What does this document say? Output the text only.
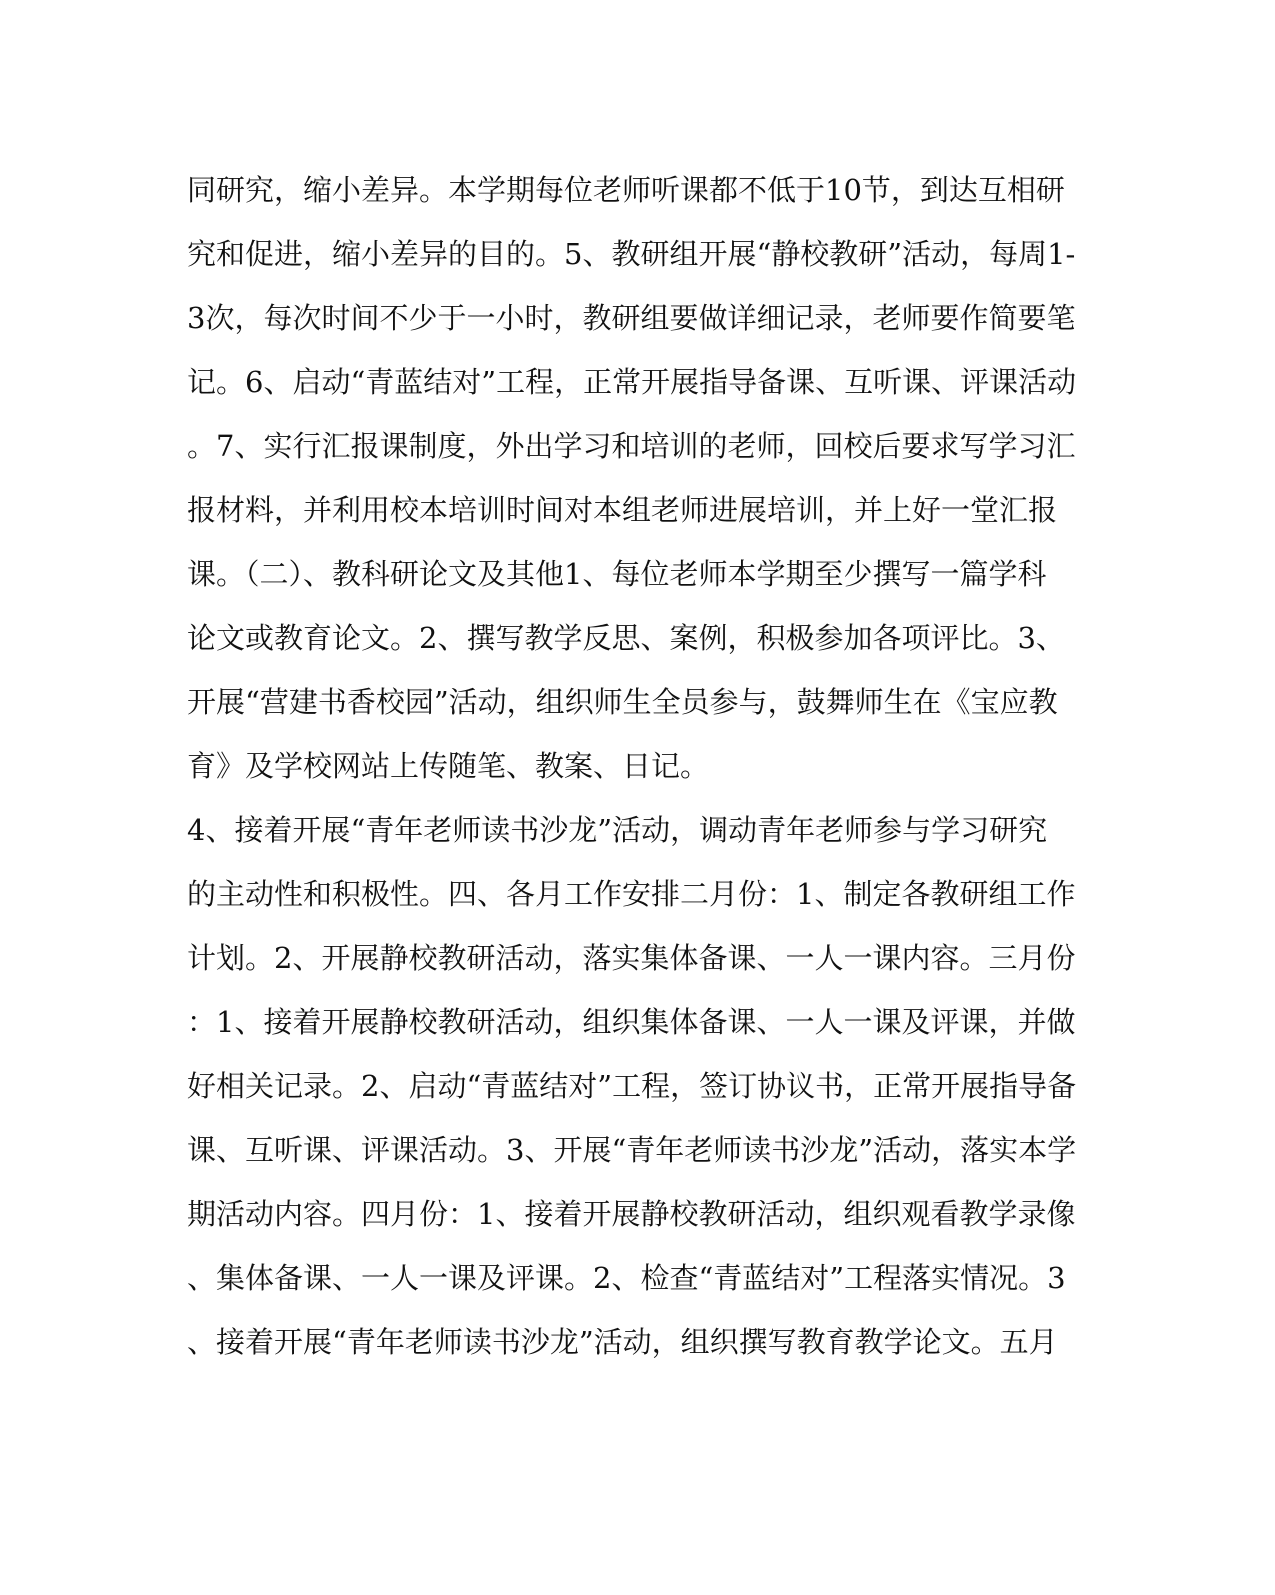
同研究，缩小差异。本学期每位老师听课都不低于10节，到达互相研
究和促进，缩小差异的目的。5、教研组开展“静校教研”活动，每周1-
3次，每次时间不少于一小时，教研组要做详细记录，老师要作简要笔
记。6、启动“青蓝结对”工程，正常开展指导备课、互听课、评课活动
。7、实行汇报课制度，外出学习和培训的老师，回校后要求写学习汇
报材料，并利用校本培训时间对本组老师进展培训，并上好一堂汇报
课。（二）、教科研论文及其他1、每位老师本学期至少撰写一篇学科
论文或教育论文。2、撰写教学反思、案例，积极参加各项评比。3、
开展“营建书香校园”活动，组织师生全员参与，鼓舞师生在《宝应教
育》及学校网站上传随笔、教案、日记。
4、接着开展“青年老师读书沙龙”活动，调动青年老师参与学习研究
的主动性和积极性。四、各月工作安排二月份：1、制定各教研组工作
计划。2、开展静校教研活动，落实集体备课、一人一课内容。三月份
：1、接着开展静校教研活动，组织集体备课、一人一课及评课，并做
好相关记录。2、启动“青蓝结对”工程，签订协议书，正常开展指导备
课、互听课、评课活动。3、开展“青年老师读书沙龙”活动，落实本学
期活动内容。四月份：1、接着开展静校教研活动，组织观看教学录像
、集体备课、一人一课及评课。2、检查“青蓝结对”工程落实情况。3
、接着开展“青年老师读书沙龙”活动，组织撰写教育教学论文。五月
